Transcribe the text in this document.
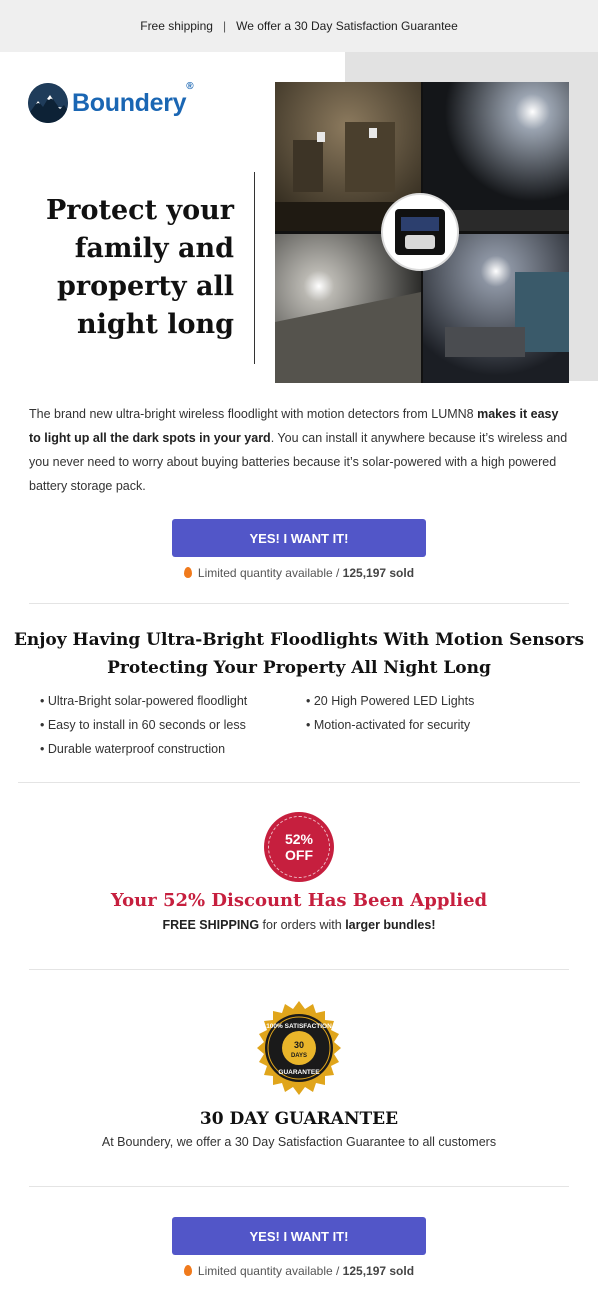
Free shipping | We offer a 30 Day Satisfaction Guarantee
Boundery®
Protect your
family and
property all
night long
The brand new ultra-bright wireless floodlight with motion detectors from LUMN8 makes it easy to light up all the dark spots in your yard. You can install it anywhere because it’s wireless and you never need to worry about buying batteries because it’s solar-powered with a high powered battery storage pack.
YES! I WANT IT!
Limited quantity available / 125,197 sold
Enjoy Having Ultra-Bright Floodlights With Motion Sensors
Protecting Your Property All Night Long
• Ultra-Bright solar-powered floodlight
• Easy to install in 60 seconds or less
• Durable waterproof construction
• 20 High Powered LED Lights
• Motion-activated for security
52%
OFF
Your 52% Discount Has Been Applied
FREE SHIPPING for orders with larger bundles!
100% SATISFACTION
30
DAYS
GUARANTEE
30 DAY GUARANTEE
At Boundery, we offer a 30 Day Satisfaction Guarantee to all customers
YES! I WANT IT!
Limited quantity available / 125,197 sold
